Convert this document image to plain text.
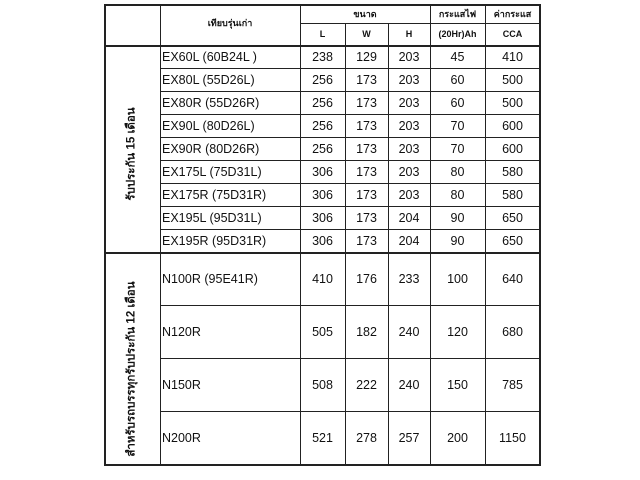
เทียบรุ่นเก่า
ขนาด	กระแสไฟ	ค่ากระแส
L	W	H	(20Hr)Ah	CCA
รับประกัน 15 เดือน
สำหรับรถบรรทุกรับประกัน 12 เดือน
EX60L (60B24L )	238	129	203	45	410
EX80L (55D26L)	256	173	203	60	500
EX80R (55D26R)	256	173	203	60	500
EX90L (80D26L)	256	173	203	70	600
EX90R (80D26R)	256	173	203	70	600
EX175L (75D31L)	306	173	203	80	580
EX175R (75D31R)	306	173	203	80	580
EX195L (95D31L)	306	173	204	90	650
EX195R (95D31R)	306	173	204	90	650
N100R (95E41R)	410	176	233	100	640
N120R	505	182	240	120	680
N150R	508	222	240	150	785
N200R	521	278	257	200	1150
